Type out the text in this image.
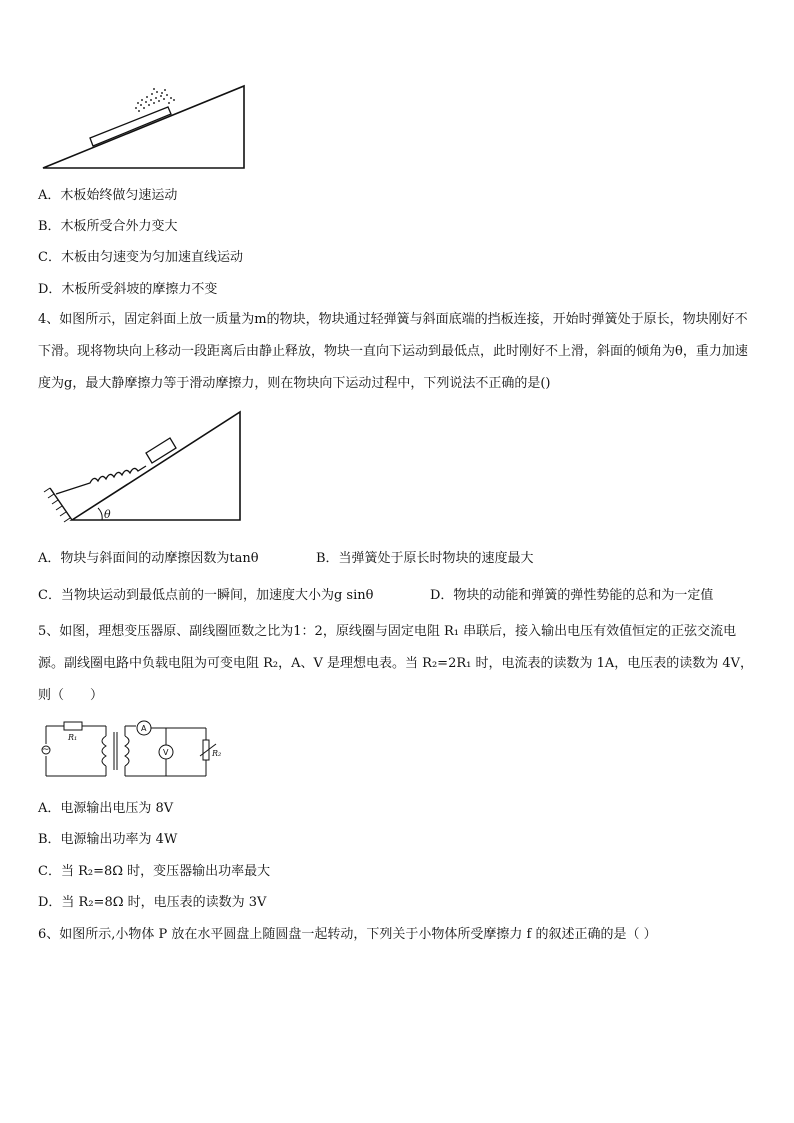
A．木板始终做匀速运动
B．木板所受合外力变大
C．木板由匀速变为匀加速直线运动
D．木板所受斜坡的摩擦力不变
4、如图所示，固定斜面上放一质量为m的物块，物块通过轻弹簧与斜面底端的挡板连接，开始时弹簧处于原长，物块刚好不下滑。现将物块向上移动一段距离后由静止释放，物块一直向下运动到最低点，此时刚好不上滑，斜面的倾角为θ，重力加速度为g，最大静摩擦力等于滑动摩擦力，则在物块向下运动过程中，下列说法不正确的是()
θ
A．物块与斜面间的动摩擦因数为tanθ	B．当弹簧处于原长时物块的速度最大
C．当物块运动到最低点前的一瞬间，加速度大小为g sinθ	D．物块的动能和弹簧的弹性势能的总和为一定值
5、如图，理想变压器原、副线圈匝数之比为1：2，原线圈与固定电阻 R₁ 串联后，接入输出电压有效值恒定的正弦交流电源。副线圈电路中负载电阻为可变电阻 R₂，A、V 是理想电表。当 R₂=2R₁ 时，电流表的读数为 1A，电压表的读数为 4V，则（　　）
~
R₁
A
V	R₂
A．电源输出电压为 8V
B．电源输出功率为 4W
C．当 R₂=8Ω 时，变压器输出功率最大
D．当 R₂=8Ω 时，电压表的读数为 3V
6、如图所示,小物体 P 放在水平圆盘上随圆盘一起转动，下列关于小物体所受摩擦力 f 的叙述正确的是（ ）
